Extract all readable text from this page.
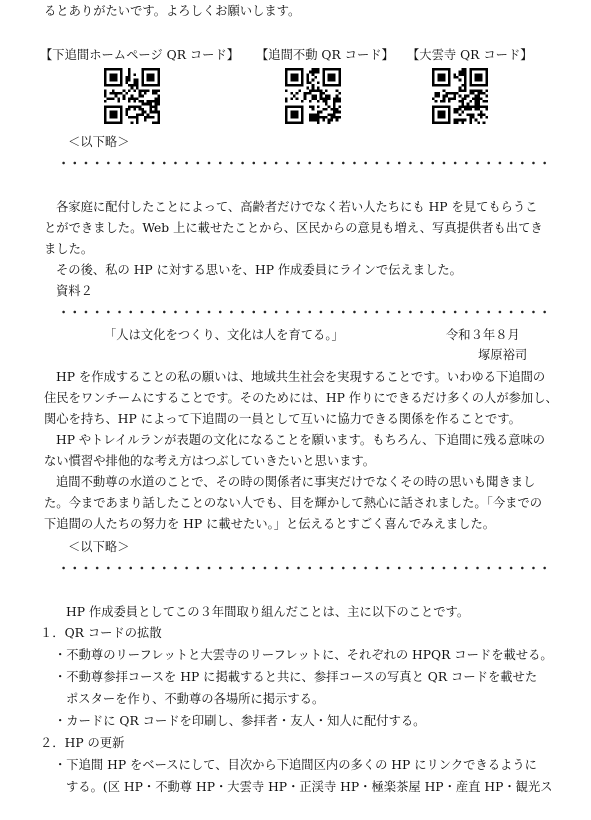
るとありがたいです。よろしくお願いします。
【下追間ホームページ QR コード】 【追間不動 QR コード】 【大雲寺 QR コード】
＜以下略＞
各家庭に配付したことによって、高齢者だけでなく若い人たちにも HP を見てもらうこ
とができました。Web 上に載せたことから、区民からの意見も増え、写真提供者も出てき
ました。
その後、私の HP に対する思いを、HP 作成委員にラインで伝えました。
資料２
「人は文化をつくり、文化は人を育てる。」	令和３年８月
塚原裕司
HP を作成することの私の願いは、地域共生社会を実現することです。いわゆる下追間の
住民をワンチームにすることです。そのためには、HP 作りにできるだけ多くの人が参加し、
関心を持ち、HP によって下追間の一員として互いに協力できる関係を作ることです。
HP やトレイルランが表題の文化になることを願います。もちろん、下追間に残る意味の
ない慣習や排他的な考え方はつぶしていきたいと思います。
追間不動尊の水道のことで、その時の関係者に事実だけでなくその時の思いも聞きまし
た。今まであまり話したことのない人でも、目を輝かして熱心に話されました。「今までの
下追間の人たちの努力を HP に載せたい。」と伝えるとすごく喜んでみえました。
＜以下略＞
HP 作成委員としてこの３年間取り組んだことは、主に以下のことです。
１．QR コードの拡散
・不動尊のリーフレットと大雲寺のリーフレットに、それぞれの HPQR コードを載せる。
・不動尊参拝コースを HP に掲載すると共に、参拝コースの写真と QR コードを載せた
ポスターを作り、不動尊の各場所に掲示する。
・カードに QR コードを印刷し、参拝者・友人・知人に配付する。
２．HP の更新
・下追間 HP をベースにして、目次から下追間区内の多くの HP にリンクできるように
する。(区 HP・不動尊 HP・大雲寺 HP・正渓寺 HP・極楽茶屋 HP・産直 HP・観光ス
